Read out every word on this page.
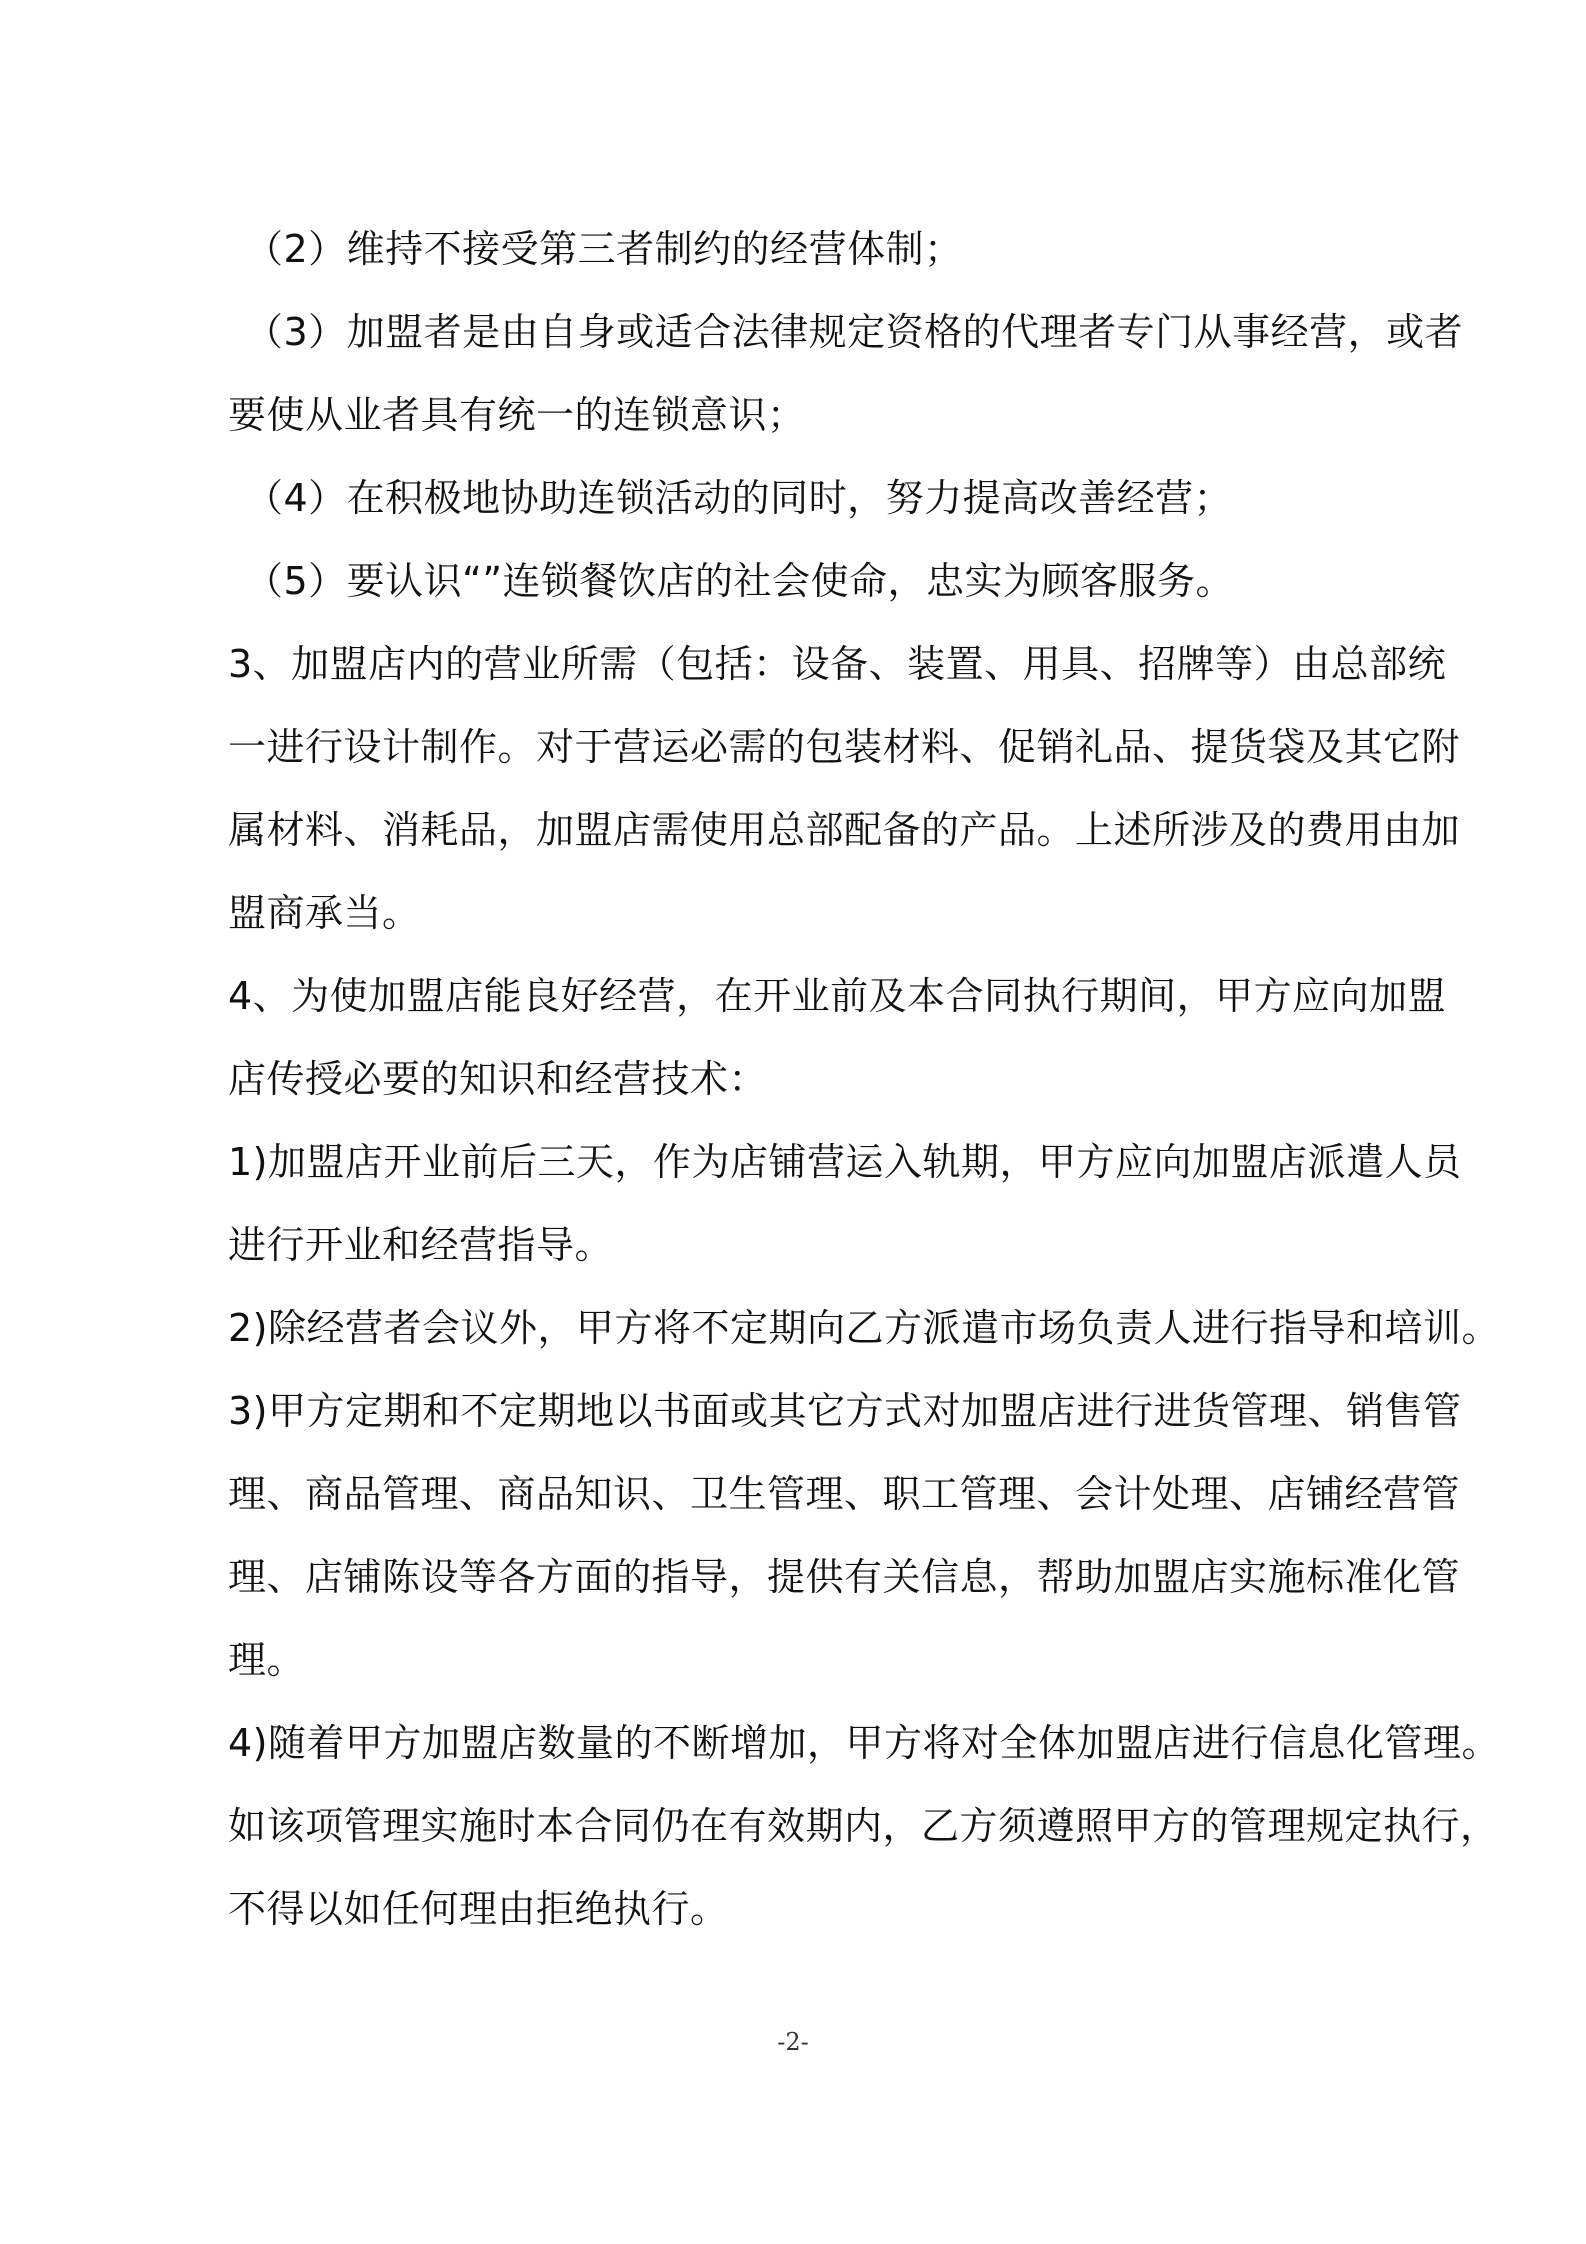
（2）维持不接受第三者制约的经营体制；
（3）加盟者是由自身或适合法律规定资格的代理者专门从事经营，或者
要使从业者具有统一的连锁意识；
（4）在积极地协助连锁活动的同时，努力提高改善经营；
（5）要认识“”连锁餐饮店的社会使命，忠实为顾客服务。
3、加盟店内的营业所需（包括：设备、装置、用具、招牌等）由总部统
一进行设计制作。对于营运必需的包装材料、促销礼品、提货袋及其它附
属材料、消耗品，加盟店需使用总部配备的产品。上述所涉及的费用由加
盟商承当。
4、为使加盟店能良好经营，在开业前及本合同执行期间，甲方应向加盟
店传授必要的知识和经营技术：
1)加盟店开业前后三天，作为店铺营运入轨期，甲方应向加盟店派遣人员
进行开业和经营指导。
2)除经营者会议外，甲方将不定期向乙方派遣市场负责人进行指导和培训。
3)甲方定期和不定期地以书面或其它方式对加盟店进行进货管理、销售管
理、商品管理、商品知识、卫生管理、职工管理、会计处理、店铺经营管
理、店铺陈设等各方面的指导，提供有关信息，帮助加盟店实施标准化管
理。
4)随着甲方加盟店数量的不断增加，甲方将对全体加盟店进行信息化管理。
如该项管理实施时本合同仍在有效期内，乙方须遵照甲方的管理规定执行，
不得以如任何理由拒绝执行。
-2-
